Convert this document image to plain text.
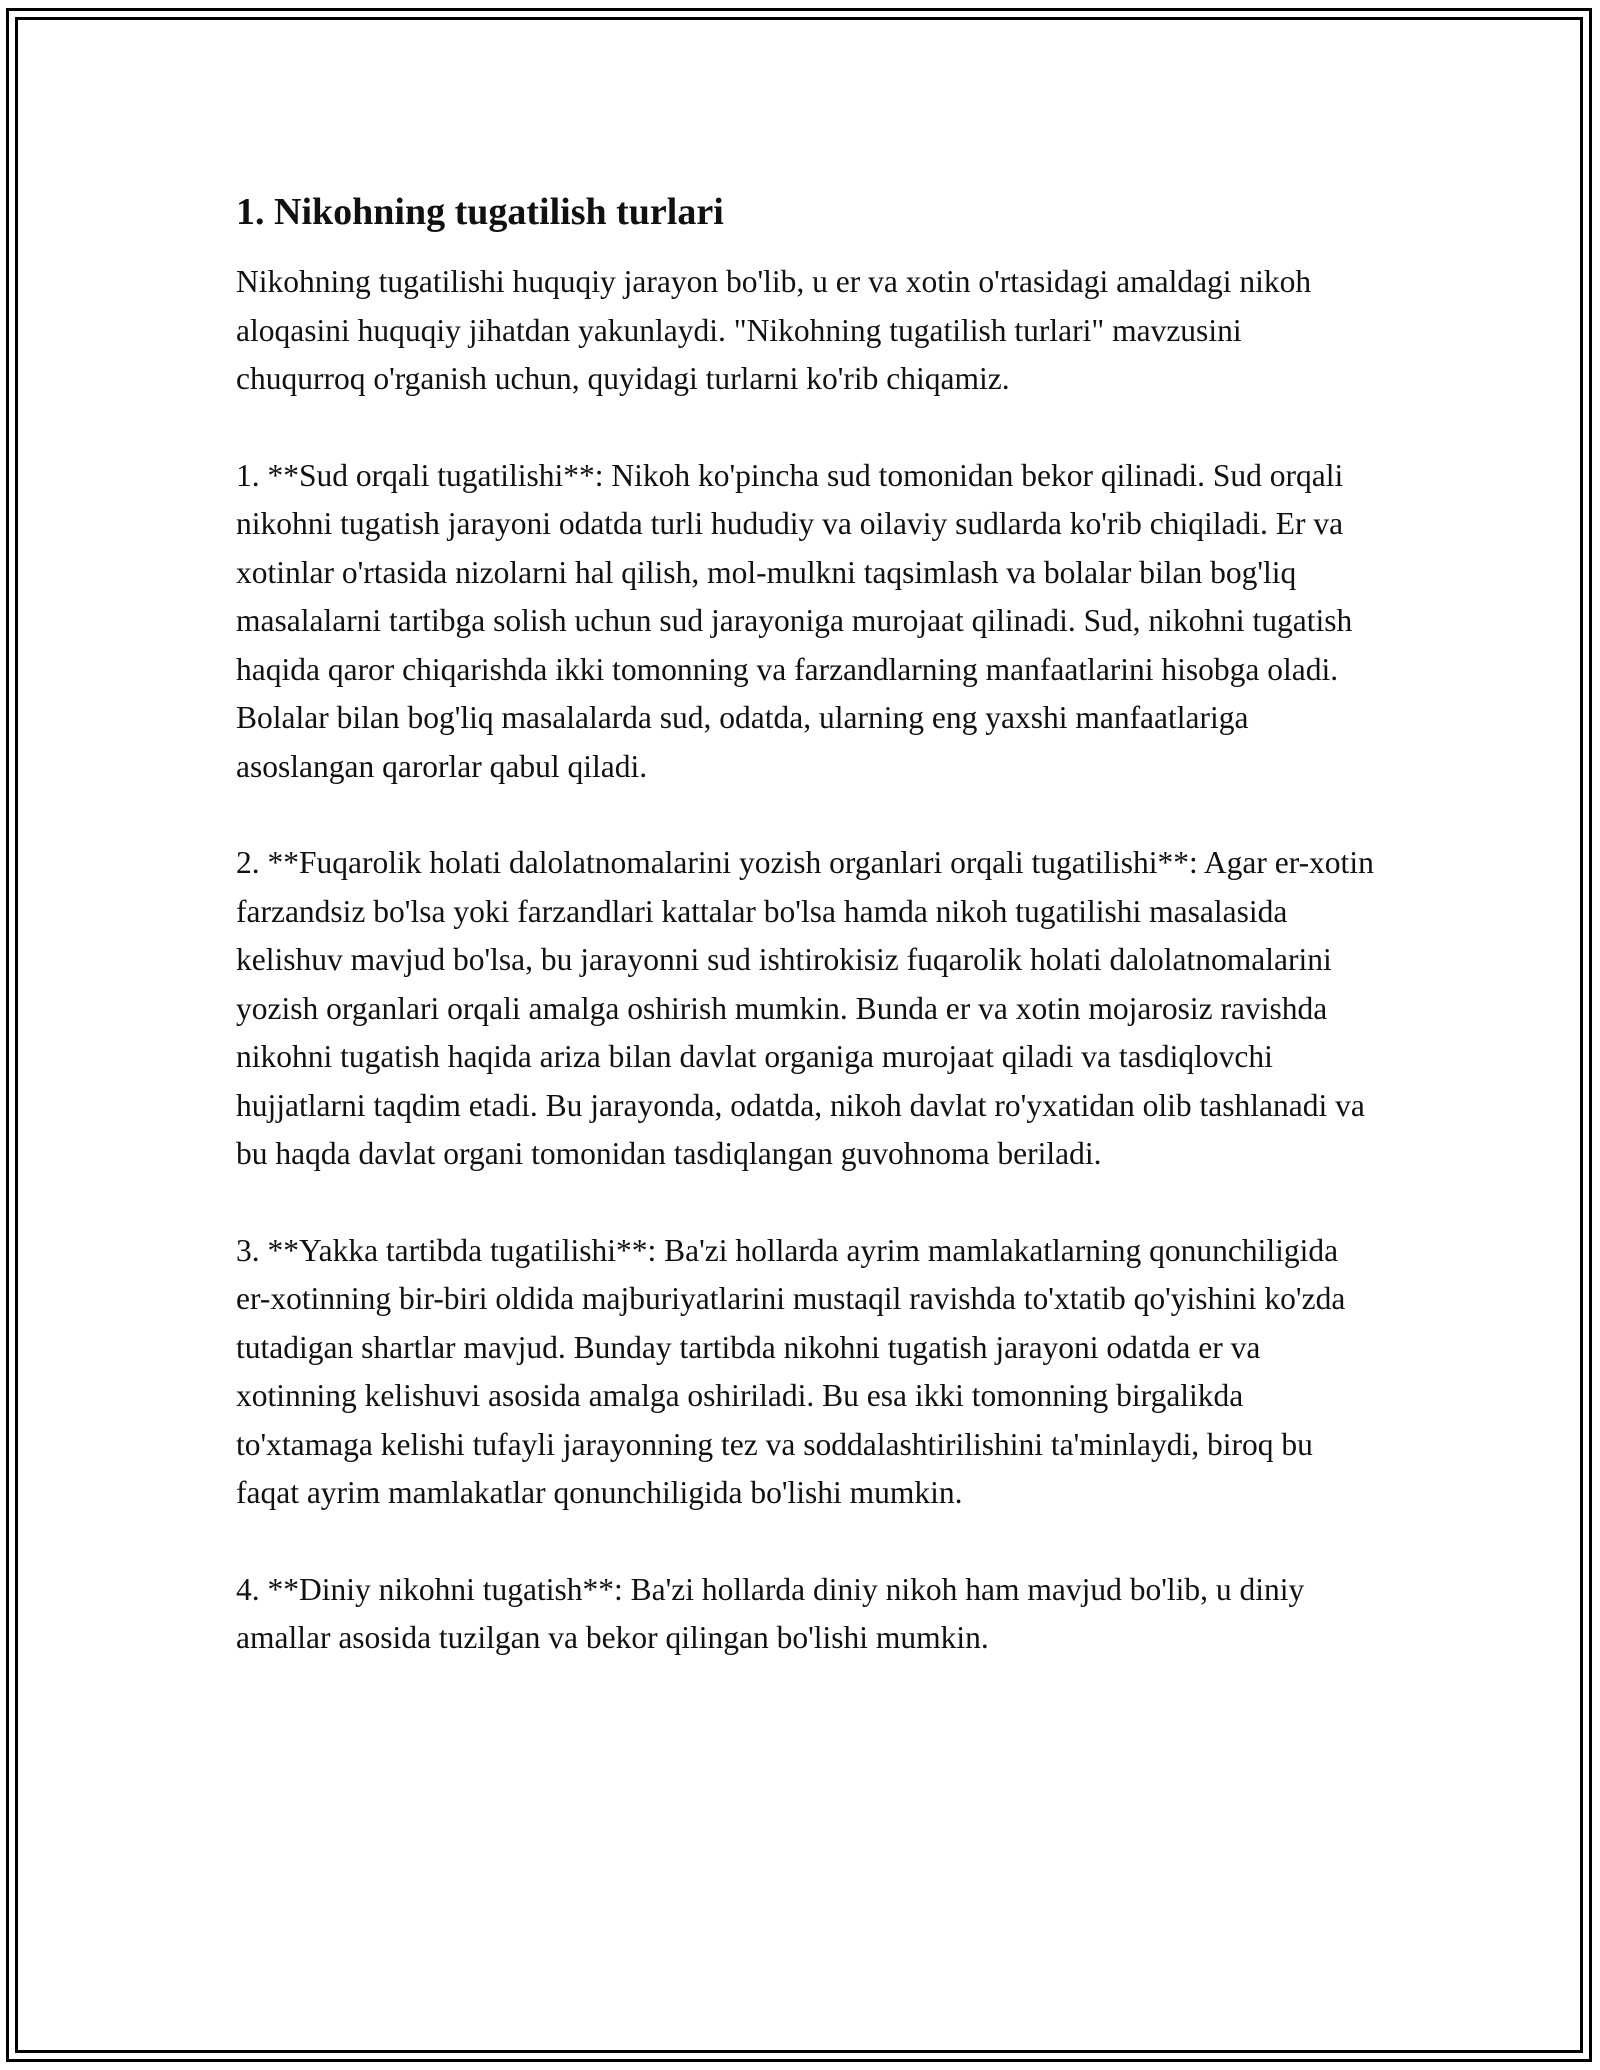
1. Nikohning tugatilish turlari

Nikohning tugatilishi huquqiy jarayon bo'lib, u er va xotin o'rtasidagi amaldagi nikoh aloqasini huquqiy jihatdan yakunlaydi. "Nikohning tugatilish turlari" mavzusini chuqurroq o'rganish uchun, quyidagi turlarni ko'rib chiqamiz.

1. **Sud orqali tugatilishi**: Nikoh ko'pincha sud tomonidan bekor qilinadi. Sud orqali nikohni tugatish jarayoni odatda turli hududiy va oilaviy sudlarda ko'rib chiqiladi. Er va xotinlar o'rtasida nizolarni hal qilish, mol-mulkni taqsimlash va bolalar bilan bog'liq masalalarni tartibga solish uchun sud jarayoniga murojaat qilinadi. Sud, nikohni tugatish haqida qaror chiqarishda ikki tomonning va farzandlarning manfaatlarini hisobga oladi. Bolalar bilan bog'liq masalalarda sud, odatda, ularning eng yaxshi manfaatlariga asoslangan qarorlar qabul qiladi.

2. **Fuqarolik holati dalolatnomalarini yozish organlari orqali tugatilishi**: Agar er-xotin farzandsiz bo'lsa yoki farzandlari kattalar bo'lsa hamda nikoh tugatilishi masalasida kelishuv mavjud bo'lsa, bu jarayonni sud ishtirokisiz fuqarolik holati dalolatnomalarini yozish organlari orqali amalga oshirish mumkin. Bunda er va xotin mojarosiz ravishda nikohni tugatish haqida ariza bilan davlat organiga murojaat qiladi va tasdiqlovchi hujjatlarni taqdim etadi. Bu jarayonda, odatda, nikoh davlat ro'yxatidan olib tashlanadi va bu haqda davlat organi tomonidan tasdiqlangan guvohnoma beriladi.

3. **Yakka tartibda tugatilishi**: Ba'zi hollarda ayrim mamlakatlarning qonunchiligida er-xotinning bir-biri oldida majburiyatlarini mustaqil ravishda to'xtatib qo'yishini ko'zda tutadigan shartlar mavjud. Bunday tartibda nikohni tugatish jarayoni odatda er va xotinning kelishuvi asosida amalga oshiriladi. Bu esa ikki tomonning birgalikda to'xtamaga kelishi tufayli jarayonning tez va soddalashtirilishini ta'minlaydi, biroq bu faqat ayrim mamlakatlar qonunchiligida bo'lishi mumkin.

4. **Diniy nikohni tugatish**: Ba'zi hollarda diniy nikoh ham mavjud bo'lib, u diniy amallar asosida tuzilgan va bekor qilingan bo'lishi mumkin.
